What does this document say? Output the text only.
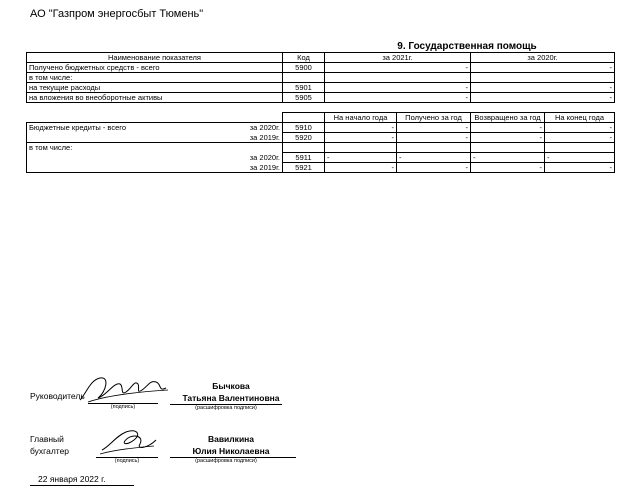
АО "Газпром энергосбыт Тюмень"
9. Государственная помощь
Наименование показателя	Код	за 2021г.	за 2020г.
Получено бюджетных средств - всего	5900	-	-
в том числе:			
на текущие расходы	5901	-	-
на вложения во внеоборотные активы	5905	-	-
			На начало года	Получено за год	Возвращено за год	На конец года
Бюджетные кредиты - всего	за 2020г.	5910	-	-	-	-
	за 2019г.	5920	-	-	-	-
в том числе:						
	за 2020г.	5911	-	-	-	-
	за 2019г.	5921	-	-	-	-
Руководитель
(подпись)
Бычкова
Татьяна Валентиновна
(расшифровка подписи)
Главный
бухгалтер
(подпись)
Вавилкина
Юлия Николаевна
(расшифровка подписи)
22 января 2022 г.
